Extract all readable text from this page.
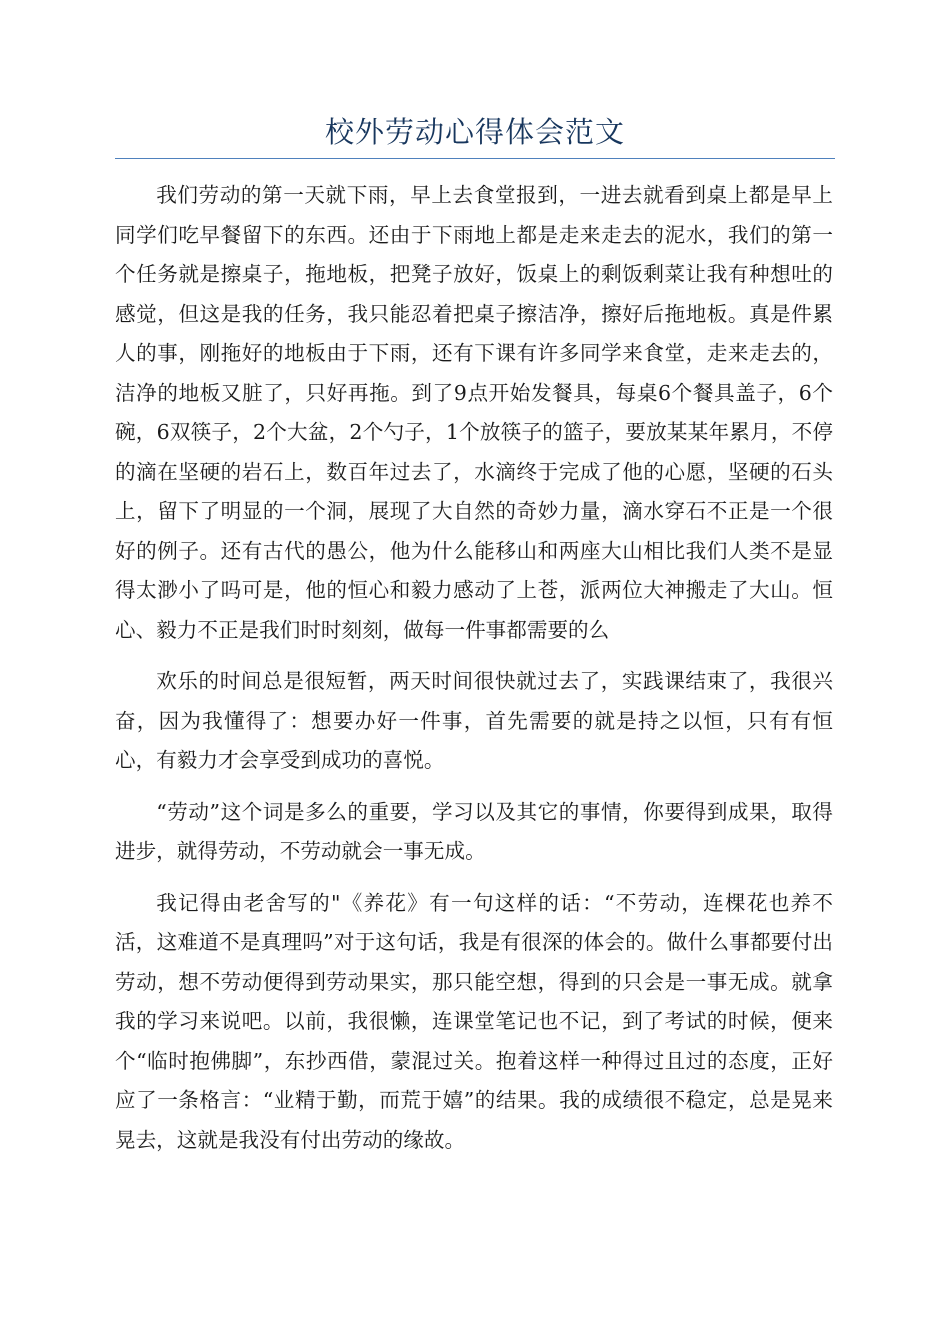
校外劳动心得体会范文

我们劳动的第一天就下雨，早上去食堂报到，一进去就看到桌上都是早上同学们吃早餐留下的东西。还由于下雨地上都是走来走去的泥水，我们的第一个任务就是擦桌子，拖地板，把凳子放好，饭桌上的剩饭剩菜让我有种想吐的感觉，但这是我的任务，我只能忍着把桌子擦洁净，擦好后拖地板。真是件累人的事，刚拖好的地板由于下雨，还有下课有许多同学来食堂，走来走去的，洁净的地板又脏了，只好再拖。到了9点开始发餐具，每桌6个餐具盖子，6个碗，6双筷子，2个大盆，2个勺子，1个放筷子的篮子，要放某某年累月，不停的滴在坚硬的岩石上，数百年过去了，水滴终于完成了他的心愿，坚硬的石头上，留下了明显的一个洞，展现了大自然的奇妙力量，滴水穿石不正是一个很好的例子。还有古代的愚公，他为什么能移山和两座大山相比我们人类不是显得太渺小了吗可是，他的恒心和毅力感动了上苍，派两位大神搬走了大山。恒心、毅力不正是我们时时刻刻，做每一件事都需要的么

欢乐的时间总是很短暂，两天时间很快就过去了，实践课结束了，我很兴奋，因为我懂得了：想要办好一件事，首先需要的就是持之以恒，只有有恒心，有毅力才会享受到成功的喜悦。

“劳动”这个词是多么的重要，学习以及其它的事情，你要得到成果，取得进步，就得劳动，不劳动就会一事无成。

我记得由老舍写的"《养花》有一句这样的话：“不劳动，连棵花也养不活，这难道不是真理吗”对于这句话，我是有很深的体会的。做什么事都要付出劳动，想不劳动便得到劳动果实，那只能空想，得到的只会是一事无成。就拿我的学习来说吧。以前，我很懒，连课堂笔记也不记，到了考试的时候，便来个“临时抱佛脚”，东抄西借，蒙混过关。抱着这样一种得过且过的态度，正好应了一条格言：“业精于勤，而荒于嬉”的结果。我的成绩很不稳定，总是晃来晃去，这就是我没有付出劳动的缘故。
